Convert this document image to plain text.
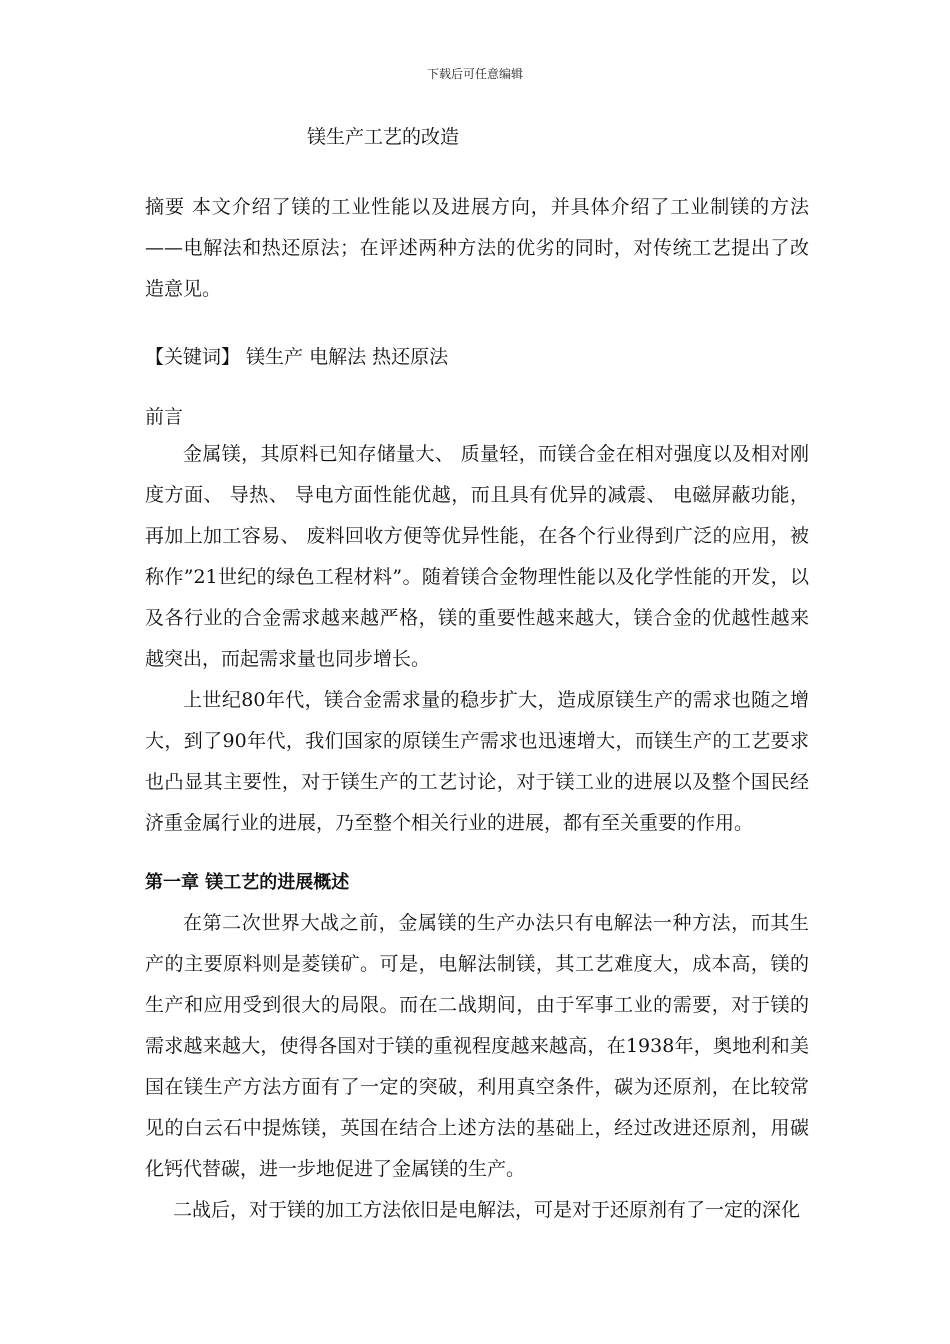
下载后可任意编辑
镁生产工艺的改造

摘要 本文介绍了镁的工业性能以及进展方向，并具体介绍了工业制镁的方法——电解法和热还原法；在评述两种方法的优劣的同时，对传统工艺提出了改造意见。

【关键词】 镁生产 电解法 热还原法
前言

金属镁，其原料已知存储量大、 质量轻，而镁合金在相对强度以及相对刚度方面、 导热、 导电方面性能优越，而且具有优异的减震、 电磁屏蔽功能，再加上加工容易、 废料回收方便等优异性能，在各个行业得到广泛的应用，被称作”21世纪的绿色工程材料”。随着镁合金物理性能以及化学性能的开发，以及各行业的合金需求越来越严格，镁的重要性越来越大，镁合金的优越性越来越突出，而起需求量也同步增长。

上世纪80年代，镁合金需求量的稳步扩大，造成原镁生产的需求也随之增大，到了90年代，我们国家的原镁生产需求也迅速增大，而镁生产的工艺要求也凸显其主要性，对于镁生产的工艺讨论，对于镁工业的进展以及整个国民经济重金属行业的进展，乃至整个相关行业的进展，都有至关重要的作用。

第一章 镁工艺的进展概述

在第二次世界大战之前，金属镁的生产办法只有电解法一种方法，而其生产的主要原料则是菱镁矿。可是，电解法制镁，其工艺难度大，成本高，镁的生产和应用受到很大的局限。而在二战期间，由于军事工业的需要，对于镁的需求越来越大，使得各国对于镁的重视程度越来越高，在1938年，奥地利和美国在镁生产方法方面有了一定的突破，利用真空条件，碳为还原剂，在比较常见的白云石中提炼镁，英国在结合上述方法的基础上，经过改进还原剂，用碳化钙代替碳，进一步地促进了金属镁的生产。

二战后，对于镁的加工方法依旧是电解法，可是对于还原剂有了一定的深化
